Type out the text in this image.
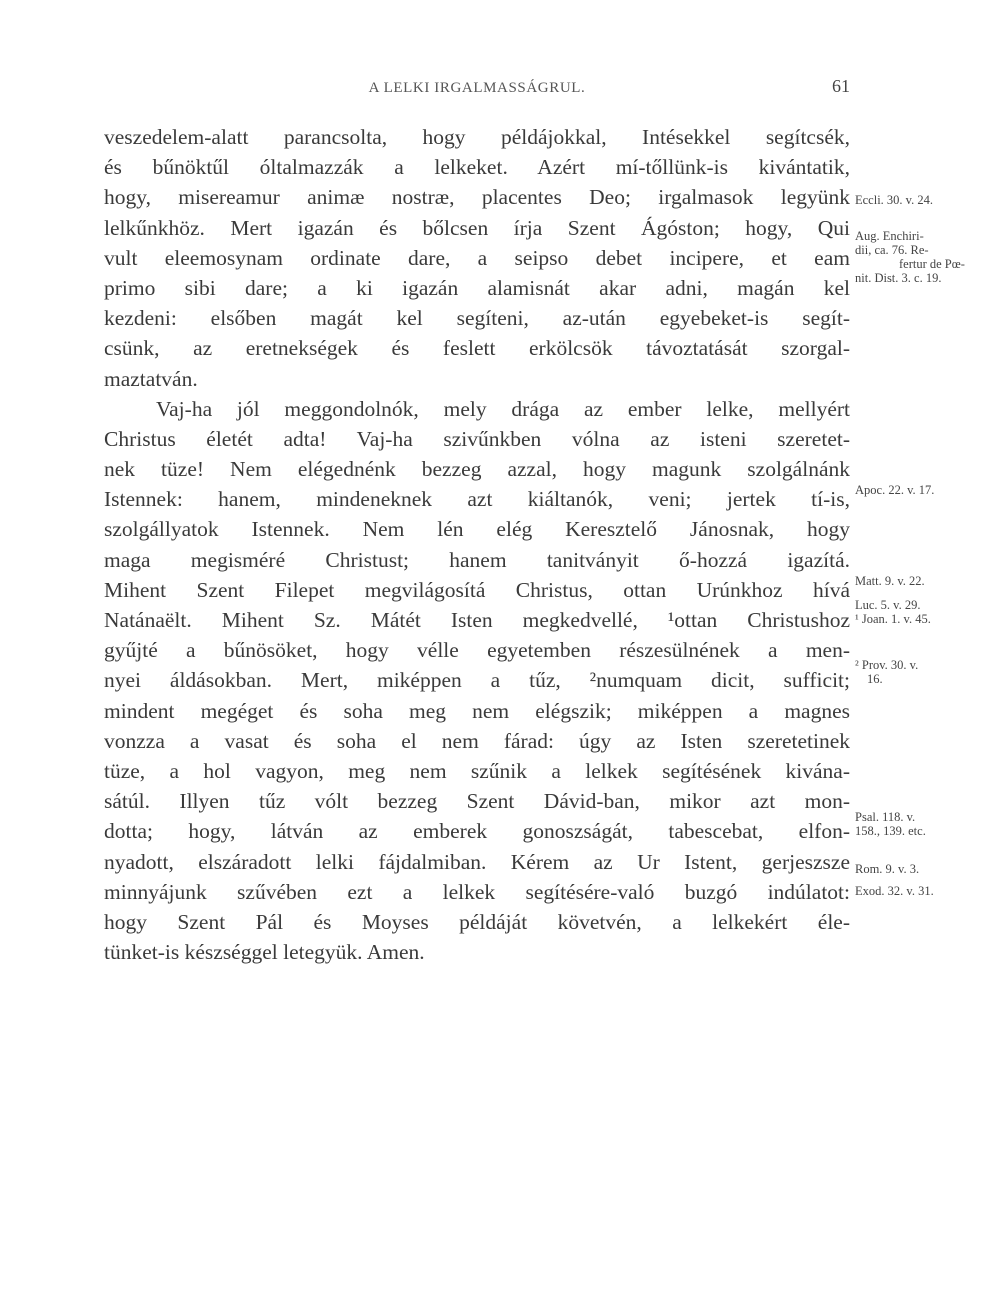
A LELKI IRGALMASSÁGRUL.	61
veszedelem-alatt parancsolta, hogy példájokkal, Intésekkel segítcsék,
és bűnöktűl óltalmazzák a lelkeket. Azért mí-tőllünk-is kivántatik,
hogy, misereamur animæ nostræ, placentes Deo; irgalmasok legyünk
lelkűnkhöz. Mert igazán és bőlcsen írja Szent Ágóston; hogy, Qui
vult eleemosynam ordinate dare, a seipso debet incipere, et eam
primo sibi dare; a ki igazán alamisnát akar adni, magán kel
kezdeni: elsőben magát kel segíteni, az-után egyebeket-is segít-
csünk, az eretnekségek és feslett erkölcsök távoztatását szorgal-
maztatván.
Vaj-ha jól meggondolnók, mely drága az ember lelke, mellyért
Christus életét adta! Vaj-ha szivűnkben vólna az isteni szeretet-
nek tüze! Nem elégednénk bezzeg azzal, hogy magunk szolgálnánk
Istennek: hanem, mindeneknek azt kiáltanók, veni; jertek tí-is,
szolgállyatok Istennek. Nem lén elég Keresztelő Jánosnak, hogy
maga megisméré Christust; hanem tanitványit ő-hozzá igazítá.
Mihent Szent Filepet megvilágosítá Christus, ottan Urúnkhoz hívá
Natánaëlt. Mihent Sz. Mátét Isten megkedvellé, ¹ottan Christushoz
gyűjté a bűnösöket, hogy vélle egyetemben részesülnének a men-
nyei áldásokban. Mert, miképpen a tűz, ²numquam dicit, sufficit;
mindent megéget és soha meg nem elégszik; miképpen a magnes
vonzza a vasat és soha el nem fárad: úgy az Isten szeretetinek
tüze, a hol vagyon, meg nem szűnik a lelkek segítésének kivána-
sátúl. Illyen tűz vólt bezzeg Szent Dávid-ban, mikor azt mon-
dotta; hogy, látván az emberek gonoszságát, tabescebat, elfon-
nyadott, elszáradott lelki fájdalmiban. Kérem az Ur Istent, gerjeszsze
minnyájunk szűvében ezt a lelkek segítésére-való buzgó indúlatot:
hogy Szent Pál és Moyses példáját követvén, a lelkekért éle-
tünket-is készséggel letegyük. Amen.
Eccli. 30. v. 24.
Aug. Enchiri-
dii, ca. 76. Re-
fertur de Pœ-
nit. Dist. 3. c. 19.
Apoc. 22. v. 17.
Matt. 9. v. 22.
Luc. 5. v. 29.
¹ Joan. 1. v. 45.
² Prov. 30. v.
16.
Psal. 118. v.
158., 139. etc.
Rom. 9. v. 3.
Exod. 32. v. 31.
